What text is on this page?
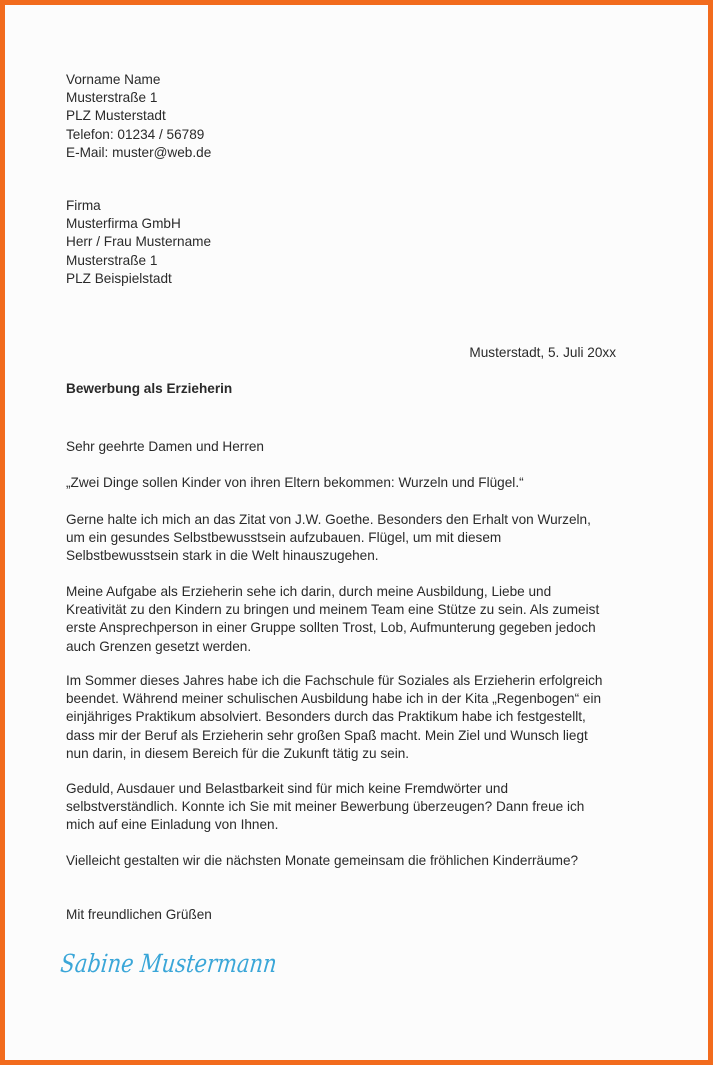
Vorname Name

Musterstraße 1

PLZ Musterstadt

Telefon: 01234 / 56789

E-Mail: muster@web.de

Firma

Musterfirma GmbH

Herr / Frau Mustername

Musterstraße 1

PLZ Beispielstadt

Musterstadt, 5. Juli 20xx
Bewerbung als Erzieherin
Sehr geehrte Damen und Herren

„Zwei Dinge sollen Kinder von ihren Eltern bekommen: Wurzeln und Flügel.“

Gerne halte ich mich an das Zitat von J.W. Goethe. Besonders den Erhalt von Wurzeln,

um ein gesundes Selbstbewusstsein aufzubauen. Flügel, um mit diesem

Selbstbewusstsein stark in die Welt hinauszugehen.

Meine Aufgabe als Erzieherin sehe ich darin, durch meine Ausbildung, Liebe und

Kreativität zu den Kindern zu bringen und meinem Team eine Stütze zu sein. Als zumeist

erste Ansprechperson in einer Gruppe sollten Trost, Lob, Aufmunterung gegeben jedoch

auch Grenzen gesetzt werden.

Im Sommer dieses Jahres habe ich die Fachschule für Soziales als Erzieherin erfolgreich

beendet. Während meiner schulischen Ausbildung habe ich in der Kita „Regenbogen“ ein

einjähriges Praktikum absolviert. Besonders durch das Praktikum habe ich festgestellt,

dass mir der Beruf als Erzieherin sehr großen Spaß macht. Mein Ziel und Wunsch liegt

nun darin, in diesem Bereich für die Zukunft tätig zu sein.

Geduld, Ausdauer und Belastbarkeit sind für mich keine Fremdwörter und

selbstverständlich. Konnte ich Sie mit meiner Bewerbung überzeugen? Dann freue ich

mich auf eine Einladung von Ihnen.

Vielleicht gestalten wir die nächsten Monate gemeinsam die fröhlichen Kinderräume?

Mit freundlichen Grüßen
Sabine Mustermann
